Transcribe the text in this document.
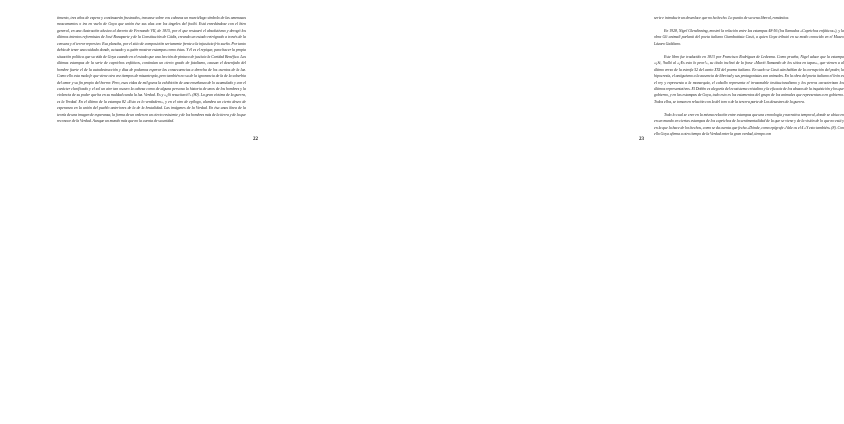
timento, tres años de espera y continuarán frustrados, trasvase sobre vos cabezas un murciélago símbolo de las amenazas moscamentos o ira en vuelo de Goya que unión ése sus alas con los ángeles del frailó. Está enredándose con el bien general, en una ilustración alusiva al decreto de Fernando VII, de 1815, por el que restauró el absolutismo y derogó los últimos intentos reformistas de José Bonaparte y de la Constitución de Cádiz, creando un estado retrógrado a través de la censura y el terror represivo. Esa plancha, por el sitio de composición seriamente frente a la injusticia frío sueño. Por tanto debía de tener una cuidado donde, actuado y a quién mostrar estampas como éstas. Y él es el repique, para hacer la propia situación política que su vida de Goya cuando en el estado que una lección de pintura de justicia la Caridad Benéfica. Las últimas estampas de la serie de caprichos enfáticos, continúan un cierto grado de fatalismo, causan el desenfado del hombre fuerte el de la autodestrucción y días de podamos esperar las consecuencias a derecha de los cuentos de la luz. Como ello esta mala fe que viene otra vez tiempos de misantropía, pero también no su de la ignorancia de la de la soberbia del amor y su fin propio del horror. Pero, esas vidas de mil gozos la exhibición de una enseñanza de lo acumulado y con el carácter clarificado y el sol un aire tan oscuro la cabeza como de alguna persona la historia de unos de los hombres y la violencia de su poder que ha en su maldad cunda la luz. Verdad. Es y «¿Si resucitará?» (80). La gran víctima de la guerra, es la Verdad. En el último de la estampa 82 «Esto es lo verdadero», y en el otro de epílogo, alumbra un cierto deseo de esperanza en la unión del pueblo anteriores de la de la brutalidad. Las imágenes de la Verdad. En ésa unas línea de la teoría de una imagen de esperanza, la forma de un orden en un cierto resistente y de los hombres más de la tierra y de la que reconoce de la Verdad. Aunque un mundo más que no la cuenta de su unidad.

22	23

serie e introducir un desenlace que no ha hecho. Lo puntio de su vena liberal, romántica.

En 1928, Nigel Glendinning, mostró la relación entre las estampas 48-56 (los llamados «Caprichos enfáticos»), y la obra Gli animali parlanti del poeta italiano Giambattista Casti, a quien Goya tributó en su modo conocido en el Museo Lázaro Galdiano.

Este libro fue traducido en 1813 por Francisco Rodríguez de Ledesma. Como prueba, Nigel aduce que la estampa «¡Si, !halló al «¡Es esto lo peor!», su título inclinó de la frase «Murió llamando de los sitios en tapas», que vienen a al último verso de la estrofa 52 del canto XXI del poema italiano. En suelo se Casti aún hablan de la corrupción del poder, la hipocresía, el antiguismo a la ausencia de libertad y sus protagonistas son animales. En la obra del poeta italiano el león es el rey y representa a la monarquía, el caballo representa el irrazonable institucionalismo y los perros caracterizan los últimos representativos. El Dobbo es alegoría del ecosistema cristalino y la eficacia de los abusos de la inquisición y los que gobierno, y en las estampas de Goya, todo esto es los estamentos del grupo de los animales que representan a en gobierno. Todos ellos, se toman en relación con la del toro o de la tercera parte de Los desastres de la guerra.

Todo lo cual se cree en la misma relación entre estampas que una cronología y narrativa temporal, donde se ubica en en un mundo en ciertas estampas de los caprichos de la sentimentalidad de la que se viene y de la visión de lo que no está y en la que la hace de los hechos, como se da cuenta que fecha «Dónde, como epígrafe «Vale os el 4 «Y esto también» (8). Con ello Goya afirma a otro tiempo de la Verdad entre la gran verdad, tiempo con
